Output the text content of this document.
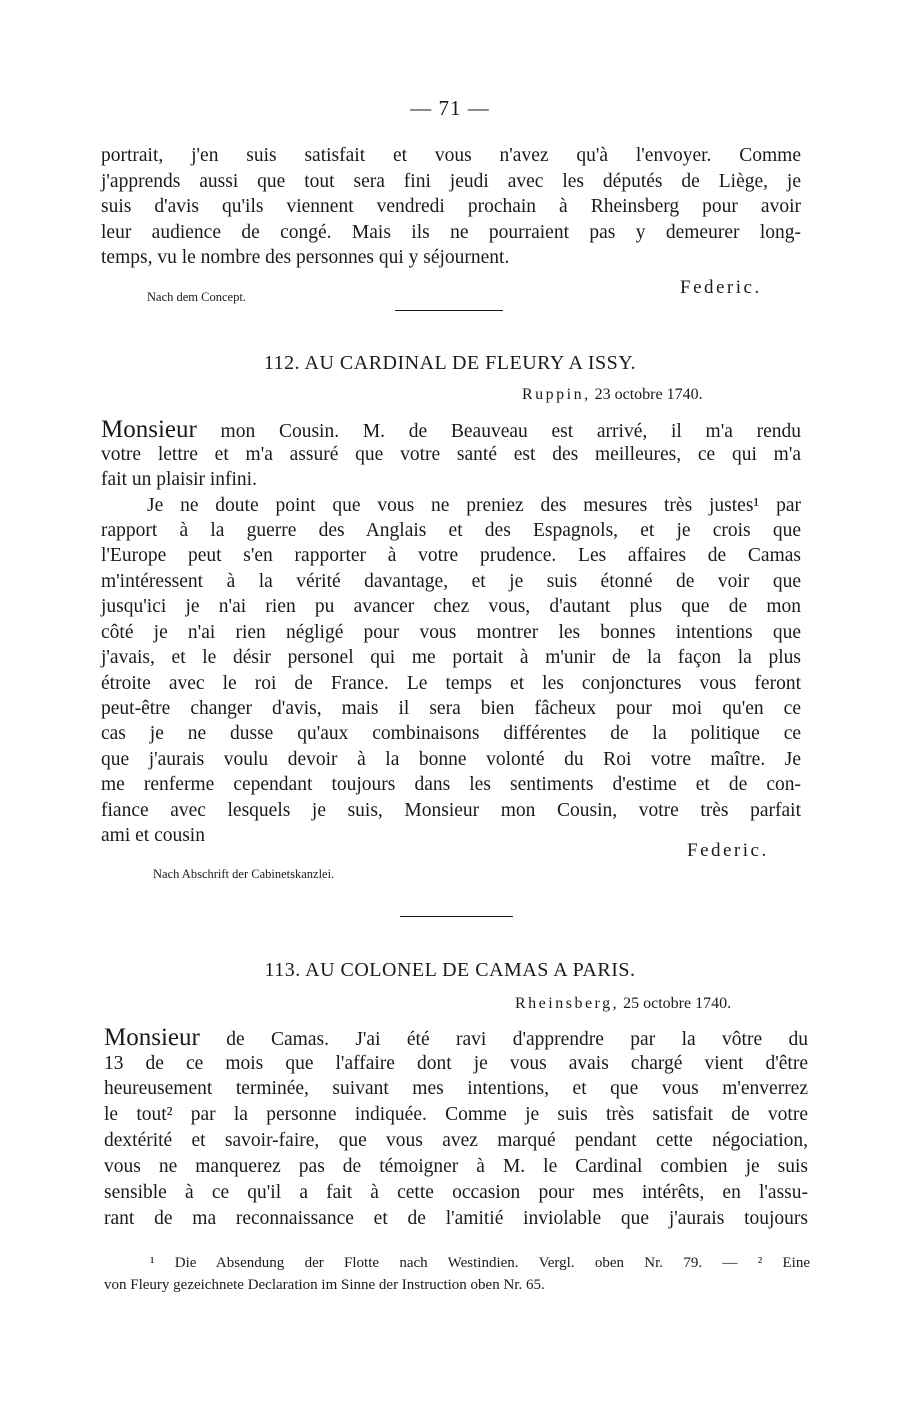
— 71 —
portrait, j'en suis satisfait et vous n'avez qu'à l'envoyer. Comme
j'apprends aussi que tout sera fini jeudi avec les députés de Liège, je
suis d'avis qu'ils viennent vendredi prochain à Rheinsberg pour avoir
leur audience de congé. Mais ils ne pourraient pas y demeurer long-
temps, vu le nombre des personnes qui y séjournent.
Nach dem Concept.	Federic.
112. AU CARDINAL DE FLEURY A ISSY.
Ruppin, 23 octobre 1740.
Monsieur mon Cousin. M. de Beauveau est arrivé, il m'a rendu
votre lettre et m'a assuré que votre santé est des meilleures, ce qui m'a
fait un plaisir infini.
Je ne doute point que vous ne preniez des mesures très justes¹ par
rapport à la guerre des Anglais et des Espagnols, et je crois que
l'Europe peut s'en rapporter à votre prudence. Les affaires de Camas
m'intéressent à la vérité davantage, et je suis étonné de voir que
jusqu'ici je n'ai rien pu avancer chez vous, d'autant plus que de mon
côté je n'ai rien négligé pour vous montrer les bonnes intentions que
j'avais, et le désir personel qui me portait à m'unir de la façon la plus
étroite avec le roi de France. Le temps et les conjonctures vous feront
peut-être changer d'avis, mais il sera bien fâcheux pour moi qu'en ce
cas je ne dusse qu'aux combinaisons différentes de la politique ce
que j'aurais voulu devoir à la bonne volonté du Roi votre maître. Je
me renferme cependant toujours dans les sentiments d'estime et de con-
fiance avec lesquels je suis, Monsieur mon Cousin, votre très parfait
ami et cousin
Federic.
Nach Abschrift der Cabinetskanzlei.
113. AU COLONEL DE CAMAS A PARIS.
Rheinsberg, 25 octobre 1740.
Monsieur de Camas. J'ai été ravi d'apprendre par la vôtre du
13 de ce mois que l'affaire dont je vous avais chargé vient d'être
heureusement terminée, suivant mes intentions, et que vous m'enverrez
le tout² par la personne indiquée. Comme je suis très satisfait de votre
dextérité et savoir-faire, que vous avez marqué pendant cette négociation,
vous ne manquerez pas de témoigner à M. le Cardinal combien je suis
sensible à ce qu'il a fait à cette occasion pour mes intérêts, en l'assu-
rant de ma reconnaissance et de l'amitié inviolable que j'aurais toujours
¹ Die Absendung der Flotte nach Westindien. Vergl. oben Nr. 79. — ² Eine
von Fleury gezeichnete Declaration im Sinne der Instruction oben Nr. 65.
